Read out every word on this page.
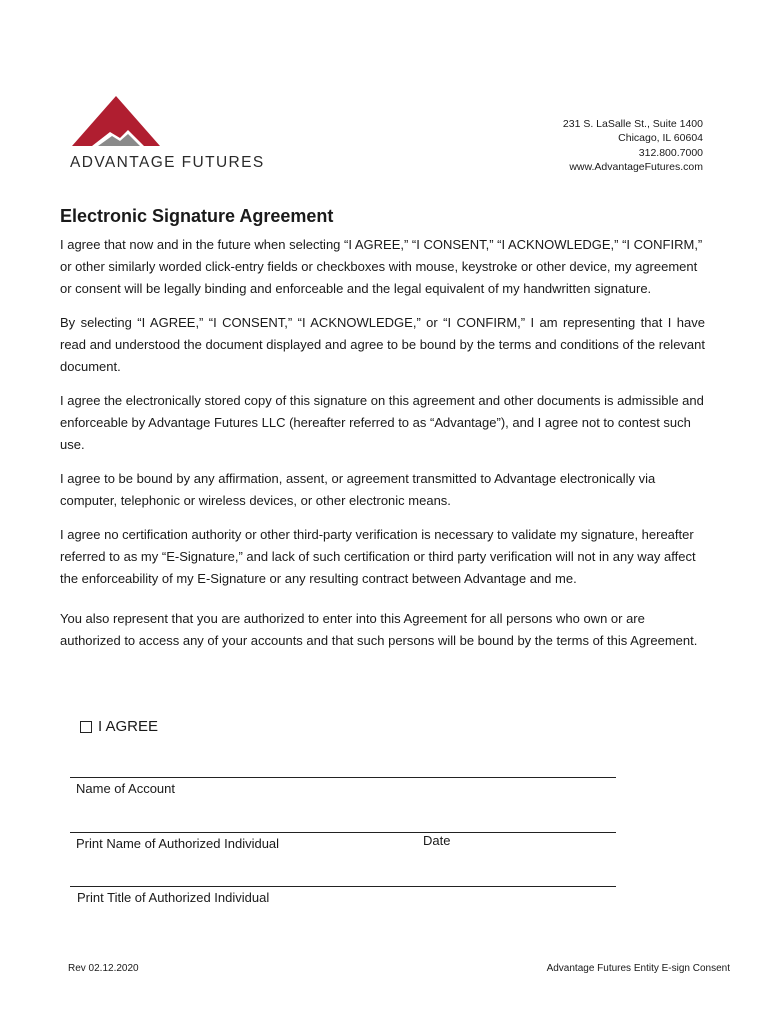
ADVANTAGE FUTURES
231 S. LaSalle St., Suite 1400
Chicago, IL 60604
312.800.7000
www.AdvantageFutures.com
Electronic Signature Agreement

I agree that now and in the future when selecting “I AGREE,” “I CONSENT,” “I ACKNOWLEDGE,” “I CONFIRM,” or other similarly worded click-entry fields or checkboxes with mouse, keystroke or other device, my agreement or consent will be legally binding and enforceable and the legal equivalent of my handwritten signature.

By selecting “I AGREE,” “I CONSENT,” “I ACKNOWLEDGE,” or “I CONFIRM,” I am representing that I have read and understood the document displayed and agree to be bound by the terms and conditions of the relevant document.

I agree the electronically stored copy of this signature on this agreement and other documents is admissible and enforceable by Advantage Futures LLC (hereafter referred to as “Advantage”), and I agree not to contest such use.

I agree to be bound by any affirmation, assent, or agreement transmitted to Advantage electronically via computer, telephonic or wireless devices, or other electronic means.

I agree no certification authority or other third-party verification is necessary to validate my signature, hereafter referred to as my “E-Signature,” and lack of such certification or third party verification will not in any way affect the enforceability of my E-Signature or any resulting contract between Advantage and me.

You also represent that you are authorized to enter into this Agreement for all persons who own or are authorized to access any of your accounts and that such persons will be bound by the terms of this Agreement.

I AGREE
Name of Account
Print Name of Authorized Individual	Date
Print Title of Authorized Individual
Rev 02.12.2020	Advantage Futures Entity E-sign Consent
